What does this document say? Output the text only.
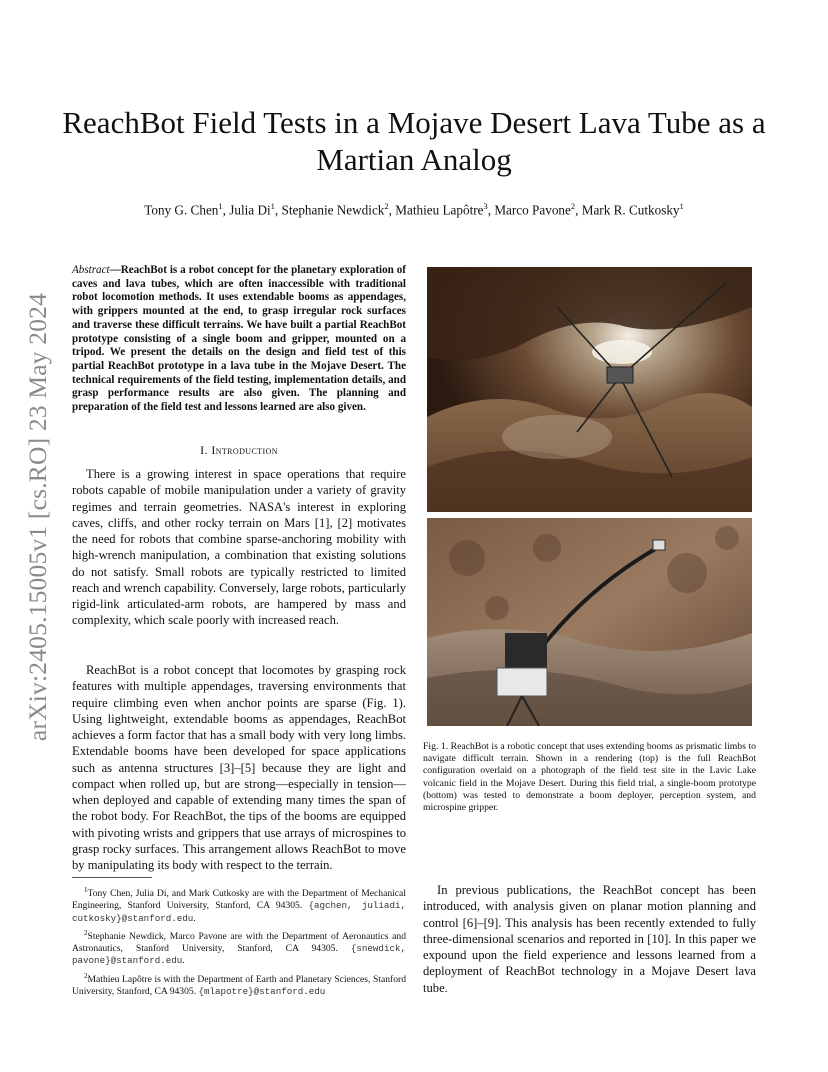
ReachBot Field Tests in a Mojave Desert Lava Tube as a Martian Analog
Tony G. Chen$^1$, Julia Di$^1$, Stephanie Newdick$^2$, Mathieu Lapôtre$^3$, Marco Pavone$^2$, Mark R. Cutkosky$^1$
arXiv:2405.15005v1 [cs.RO] 23 May 2024
Abstract—ReachBot is a robot concept for the planetary exploration of caves and lava tubes, which are often inaccessible with traditional robot locomotion methods. It uses extendable booms as appendages, with grippers mounted at the end, to grasp irregular rock surfaces and traverse these difficult terrains. We have built a partial ReachBot prototype consisting of a single boom and gripper, mounted on a tripod. We present the details on the design and field test of this partial ReachBot prototype in a lava tube in the Mojave Desert. The technical requirements of the field testing, implementation details, and grasp performance results are also given. The planning and preparation of the field test and lessons learned are also given.
I. Introduction

There is a growing interest in space operations that require robots capable of mobile manipulation under a variety of gravity regimes and terrain geometries. NASA's interest in exploring caves, cliffs, and other rocky terrain on Mars [1], [2] motivates the need for robots that combine sparse-anchoring mobility with high-wrench manipulation, a combination that existing solutions do not satisfy. Small robots are typically restricted to limited reach and wrench capability. Conversely, large robots, particularly rigid-link articulated-arm robots, are hampered by mass and complexity, which scale poorly with increased reach.

ReachBot is a robot concept that locomotes by grasping rock features with multiple appendages, traversing environments that require climbing even when anchor points are sparse (Fig. 1). Using lightweight, extendable booms as appendages, ReachBot achieves a form factor that has a small body with very long limbs. Extendable booms have been developed for space applications such as antenna structures [3]–[5] because they are light and compact when rolled up, but are strong—especially in tension—when deployed and capable of extending many times the span of the robot body. For ReachBot, the tips of the booms are equipped with pivoting wrists and grippers that use arrays of microspines to grasp rocky surfaces. This arrangement allows ReachBot to move by manipulating its body with respect to the terrain.

$^1$Tony Chen, Julia Di, and Mark Cutkosky are with the Department of Mechanical Engineering, Stanford University, Stanford, CA 94305. {agchen, juliadi, cutkosky}@stanford.edu.

$^2$Stephanie Newdick, Marco Pavone are with the Department of Aeronautics and Astronautics, Stanford University, Stanford, CA 94305. {snewdick, pavone}@stanford.edu.

$^2$Mathieu Lapôtre is with the Department of Earth and Planetary Sciences, Stanford University, Stanford, CA 94305. {mlapotre}@stanford.edu

Fig. 1. ReachBot is a robotic concept that uses extending booms as prismatic limbs to navigate difficult terrain. Shown in a rendering (top) is the full ReachBot configuration overlaid on a photograph of the field test site in the Lavic Lake volcanic field in the Mojave Desert. During this field trial, a single-boom prototype (bottom) was tested to demonstrate a boom deployer, perception system, and microspine gripper.

In previous publications, the ReachBot concept has been introduced, with analysis given on planar motion planning and control [6]–[9]. This analysis has been recently extended to fully three-dimensional scenarios and reported in [10]. In this paper we expound upon the field experience and lessons learned from a deployment of ReachBot technology in a Mojave Desert lava tube.
